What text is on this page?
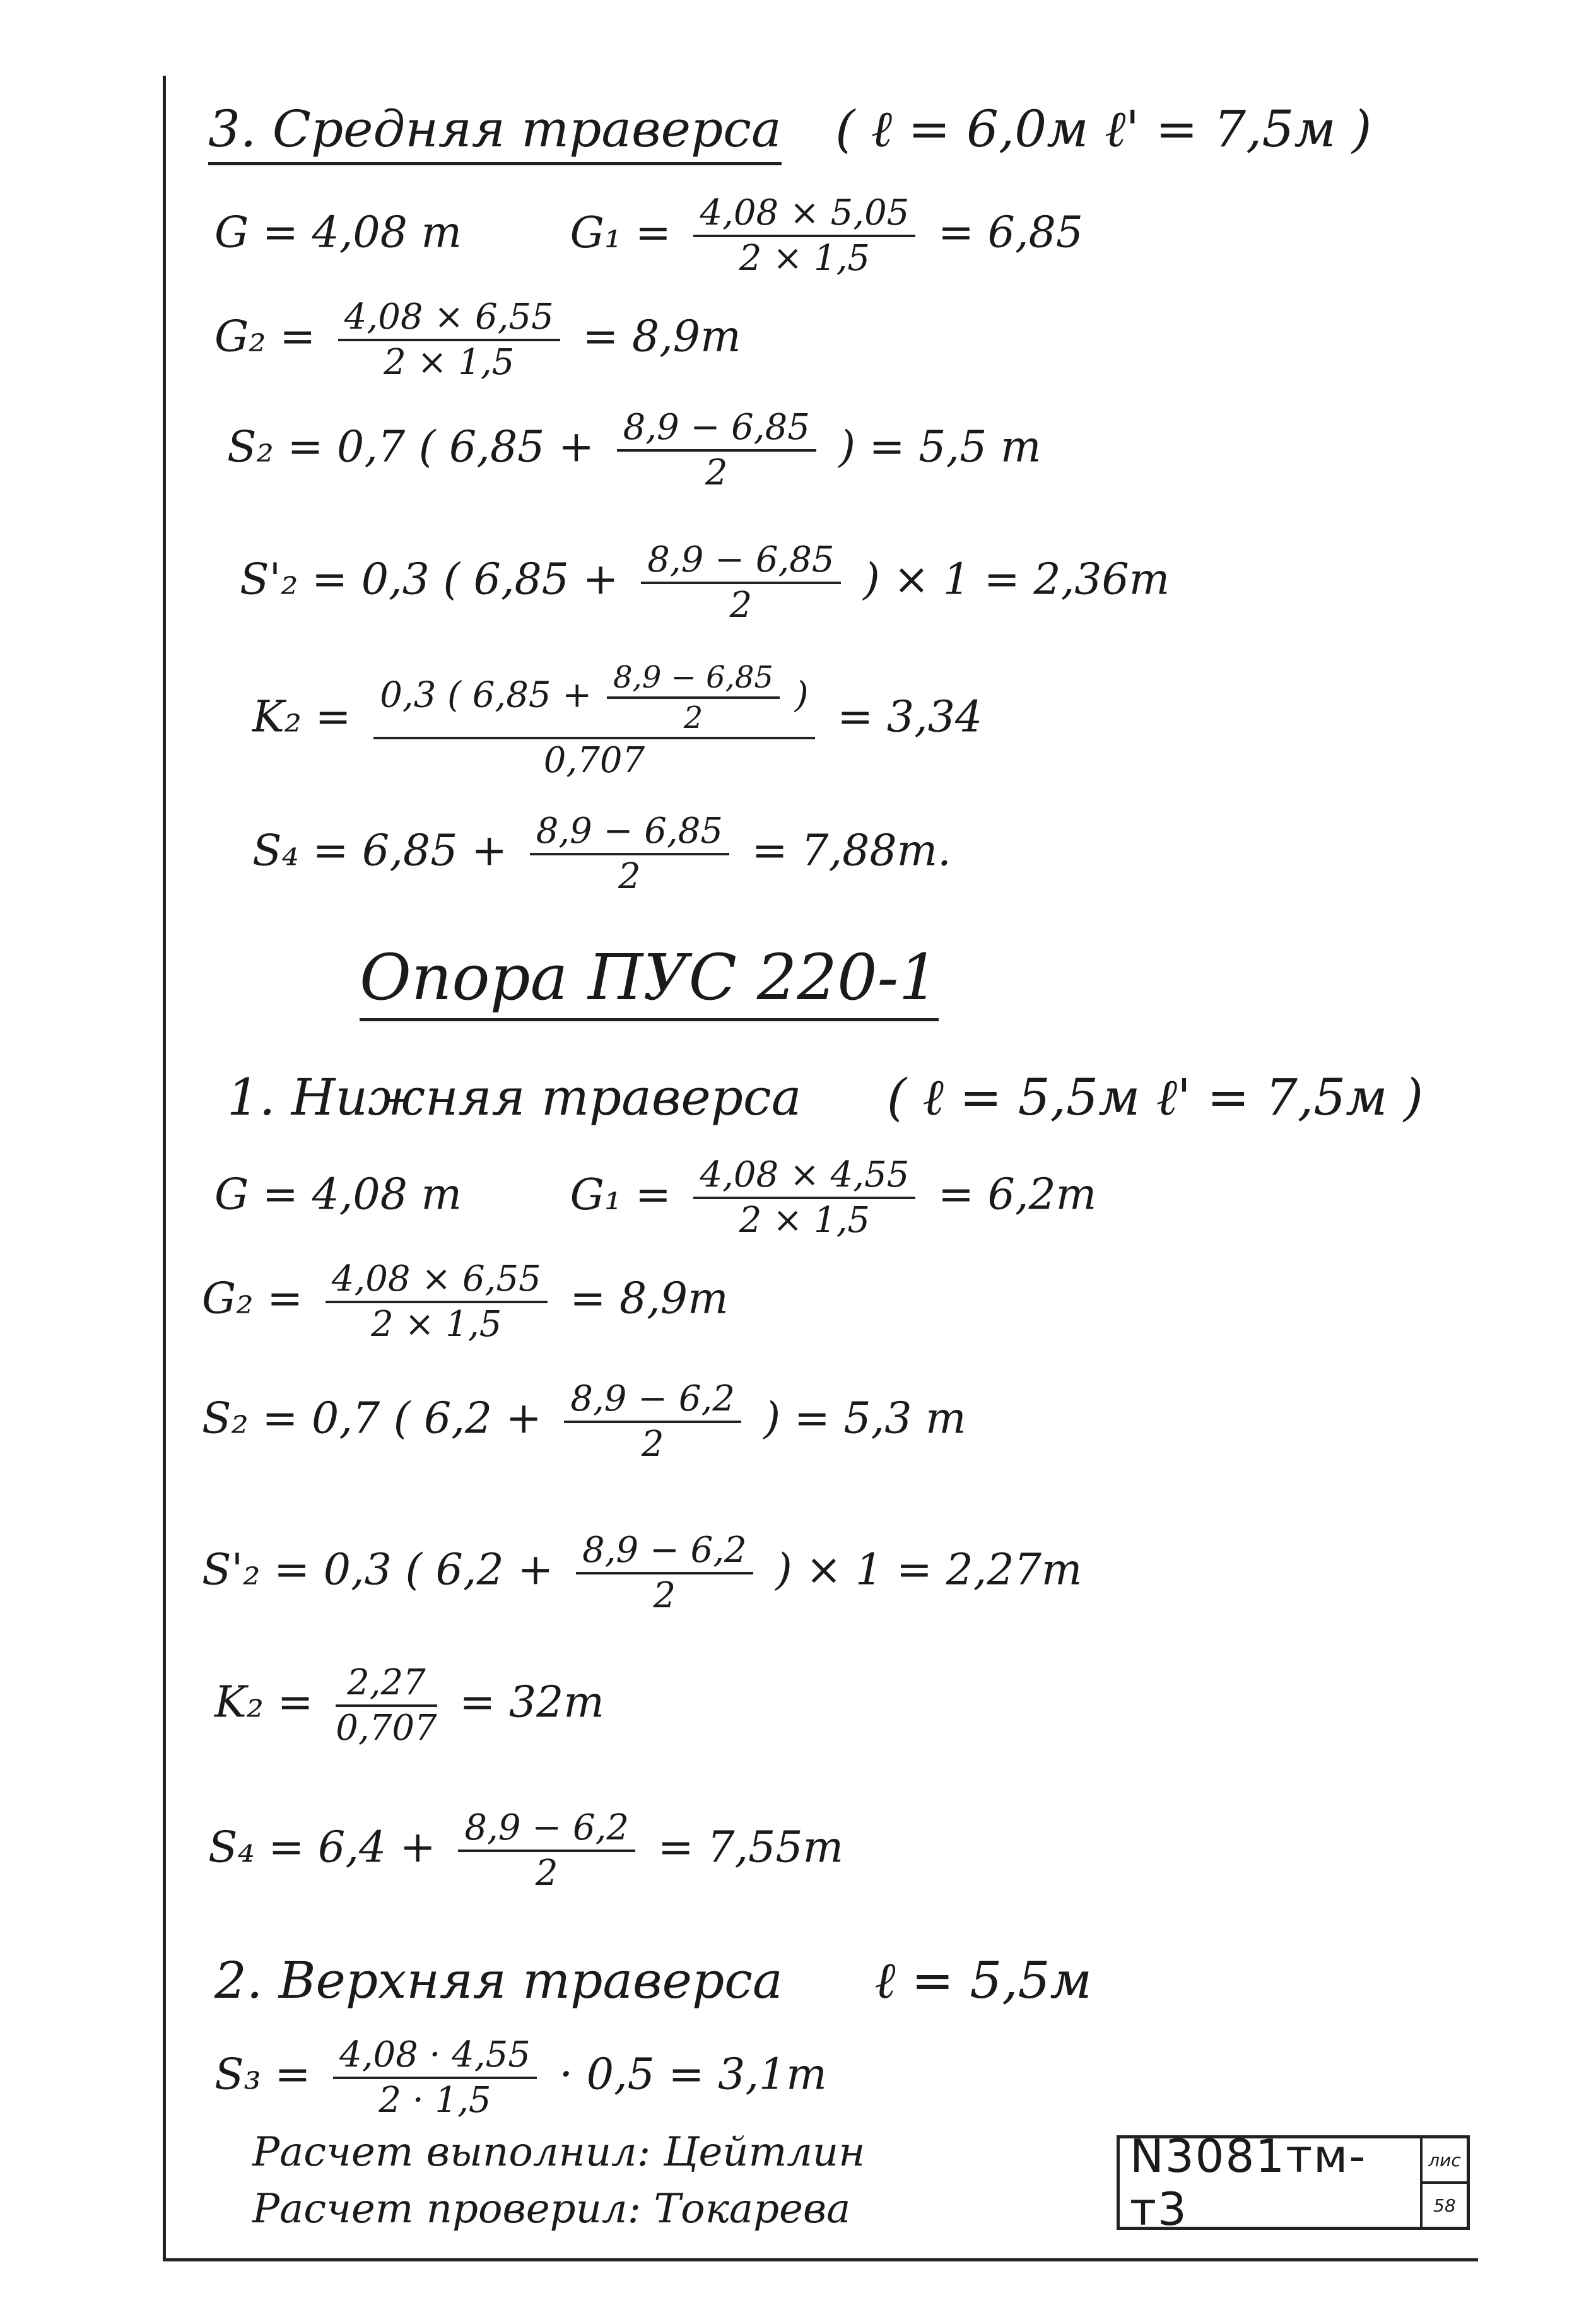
3. Средняя траверса ( ℓ = 6,0м ℓ' = 7,5м )
G = 4,08 т	$G_1 = \frac{4,08 \times 5,05}{2 \times 1,5} = 6,85$
$G_2 = \frac{4,08 \times 6,55}{2 \times 1,5} = 8,9т$
S₂ = 0,7 ( $6,85 + \frac{8,9 - 6,85}{2}$ ) = 5,5 т
S'₂ = 0,3 ( $6,85 + \frac{8,9 - 6,85}{2}$ ) × 1 = 2,36т
$K_2 = \frac{0,3 ( 6,85 + \frac{8,9 - 6,85}{2} )}{0,707} = 3,34$
$S_4 = 6,85 + \frac{8,9 - 6,85}{2} = 7,88т$.
Опора ПУС 220-1
1. Нижняя траверса ( ℓ = 5,5м ℓ' = 7,5м )
G = 4,08 т	$G_1 = \frac{4,08 \times 4,55}{2 \times 1,5} = 6,2т$
$G_2 = \frac{4,08 \times 6,55}{2 \times 1,5} = 8,9т$
S₂ = 0,7 ( $6,2 + \frac{8,9 - 6,2}{2}$ ) = 5,3 т
S'₂ = 0,3 ( $6,2 + \frac{8,9 - 6,2}{2}$ ) × 1 = 2,27т
$K_2 = \frac{2,27}{0,707} = 32т$
$S_4 = 6,4 + \frac{8,9 - 6,2}{2} = 7,55т$
2. Верхняя траверса ℓ = 5,5м
$S_3 = \frac{4,08 \cdot 4,55}{2 \cdot 1,5} \cdot 0,5 = 3,1т$
Расчет выполнил: Цейтлин
Расчет проверил: Токарева
N3081тм-т3
лис
58
